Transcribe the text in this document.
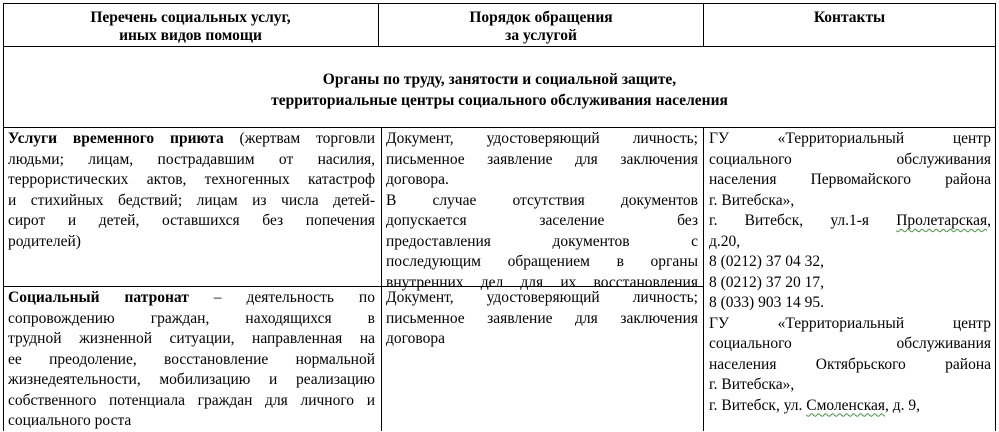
Перечень социальных услуг,
иных видов помощи
Порядок обращения
за услугой
Контакты
Органы по труду, занятости и социальной защите,
территориальные центры социального обслуживания населения
Услуги временного приюта (жертвам торговли
людьми; лицам, пострадавшим от насилия,
террористических актов, техногенных катастроф
и стихийных бедствий; лицам из числа детей-
сирот и детей, оставшихся без попечения
родителей)
Документ, удостоверяющий личность;
письменное заявление для заключения
договора.
В случае отсутствия документов
допускается заселение без
предоставления документов с
последующим обращением в органы
внутренних дел для их восстановления
Социальный патронат – деятельность по
сопровождению граждан, находящихся в
трудной жизненной ситуации, направленная на
ее преодоление, восстановление нормальной
жизнедеятельности, мобилизацию и реализацию
собственного потенциала граждан для личного и
социального роста
Документ, удостоверяющий личность;
письменное заявление для заключения
договора
ГУ «Территориальный центр
социального обслуживания
населения Первомайского района
г. Витебска»,
г. Витебск, ул.1-я Пролетарская,
д.20,
8 (0212) 37 04 32,
8 (0212) 37 20 17,
8 (033) 903 14 95.
ГУ «Территориальный центр
социального обслуживания
населения Октябрьского района
г. Витебска»,
г. Витебск, ул. Смоленская, д. 9,
